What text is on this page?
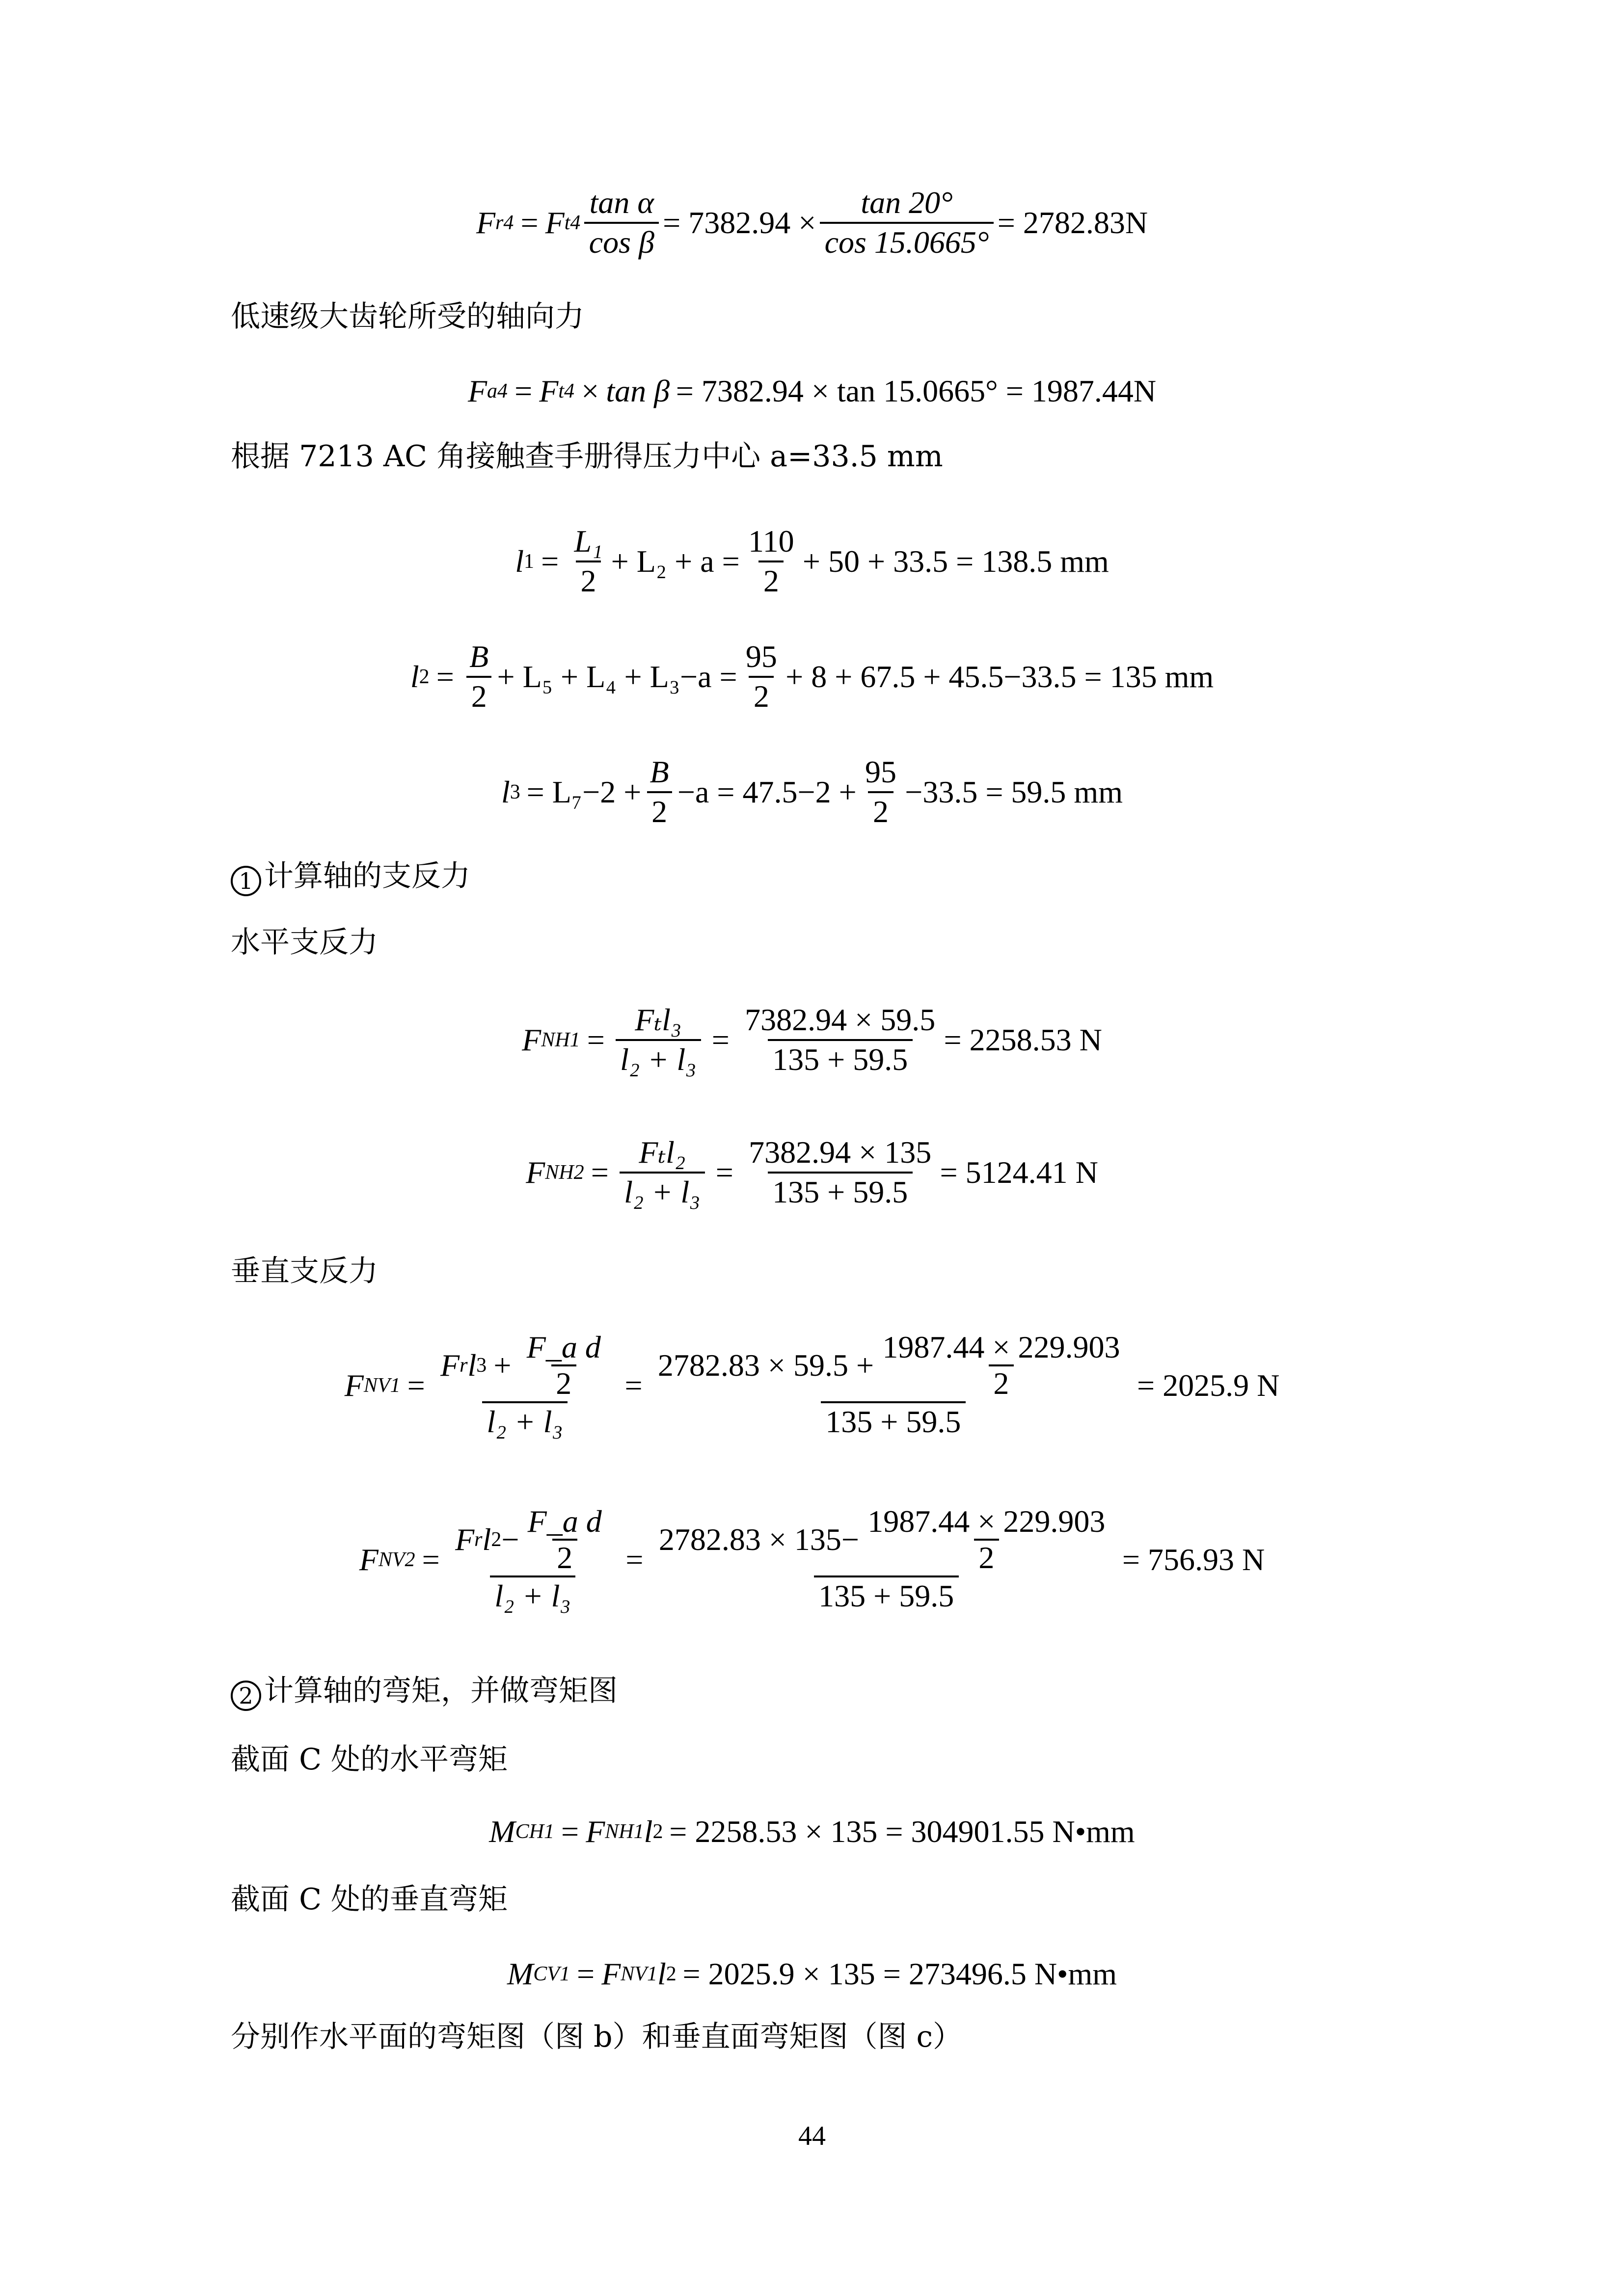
F r4 = F $t4 \frac{\text{tan α}}{\text{cos β}} = 7382.94 \times \frac{\tan 20^\circ}{\cos 15.0665^\circ} = 2782.83N$
低速级大齿轮所受的轴向力
F a4 = F t4 × tan β = 7382.94 × tan 15.0665° = 1987.44N
根据 7213 AC 角接触查手册得压力中心 a=33.5 mm
l $1 = \frac{\text{L₁}}{2} + L_2 + a = \frac{110}{2} + 50 + 33.5 = 138.5$ mm
l $2 = \frac{B}{2} + L_5 + L_4 + L_3-a = \frac{95}{2} + 8 + 67.5 + 45.5-33.5 = 135$ mm
l $3 = L_7-2 + \frac{B}{2} -a = 47.5-2 + \frac{95}{2} -33.5 = 59.5$ mm
1 计算轴的支反力
水平支反力
F $NH1 = \frac{\text{Fₜl₃}}{\text{l₂ + l₃}} = \frac{7382.94 \times 59.5}{135 + 59.5} = 2258.53$ N
F $NH2 = \frac{\text{Fₜl₂}}{\text{l₂ + l₃}} = \frac{7382.94 \times 135}{135 + 59.5} = 5124.41$ N
垂直支反力
F $NV1 = \frac{F r l 3 + \frac{\text{F\_a d}}{2}}{\text{l₂ + l₃}} = \frac{2782.83 \times 59.5 + \frac{1987.44 \times 229.903}{2}}{135 + 59.5} = 2025.9$ N
F $NV2 = \frac{F r l 2 - \frac{\text{F\_a d}}{2}}{\text{l₂ + l₃}} = \frac{2782.83 \times 135- \frac{1987.44 \times 229.903}{2}}{135 + 59.5} = 756.93$ N
2 计算轴的弯矩，并做弯矩图
截面 C 处的水平弯矩
M CH1 = F NH1 l 2 = 2258.53 × 135 = 304901.55 N•mm
截面 C 处的垂直弯矩
M CV1 = F NV1 l 2 = 2025.9 × 135 = 273496.5 N•mm
分别作水平面的弯矩图（图 b）和垂直面弯矩图（图 c）
44
